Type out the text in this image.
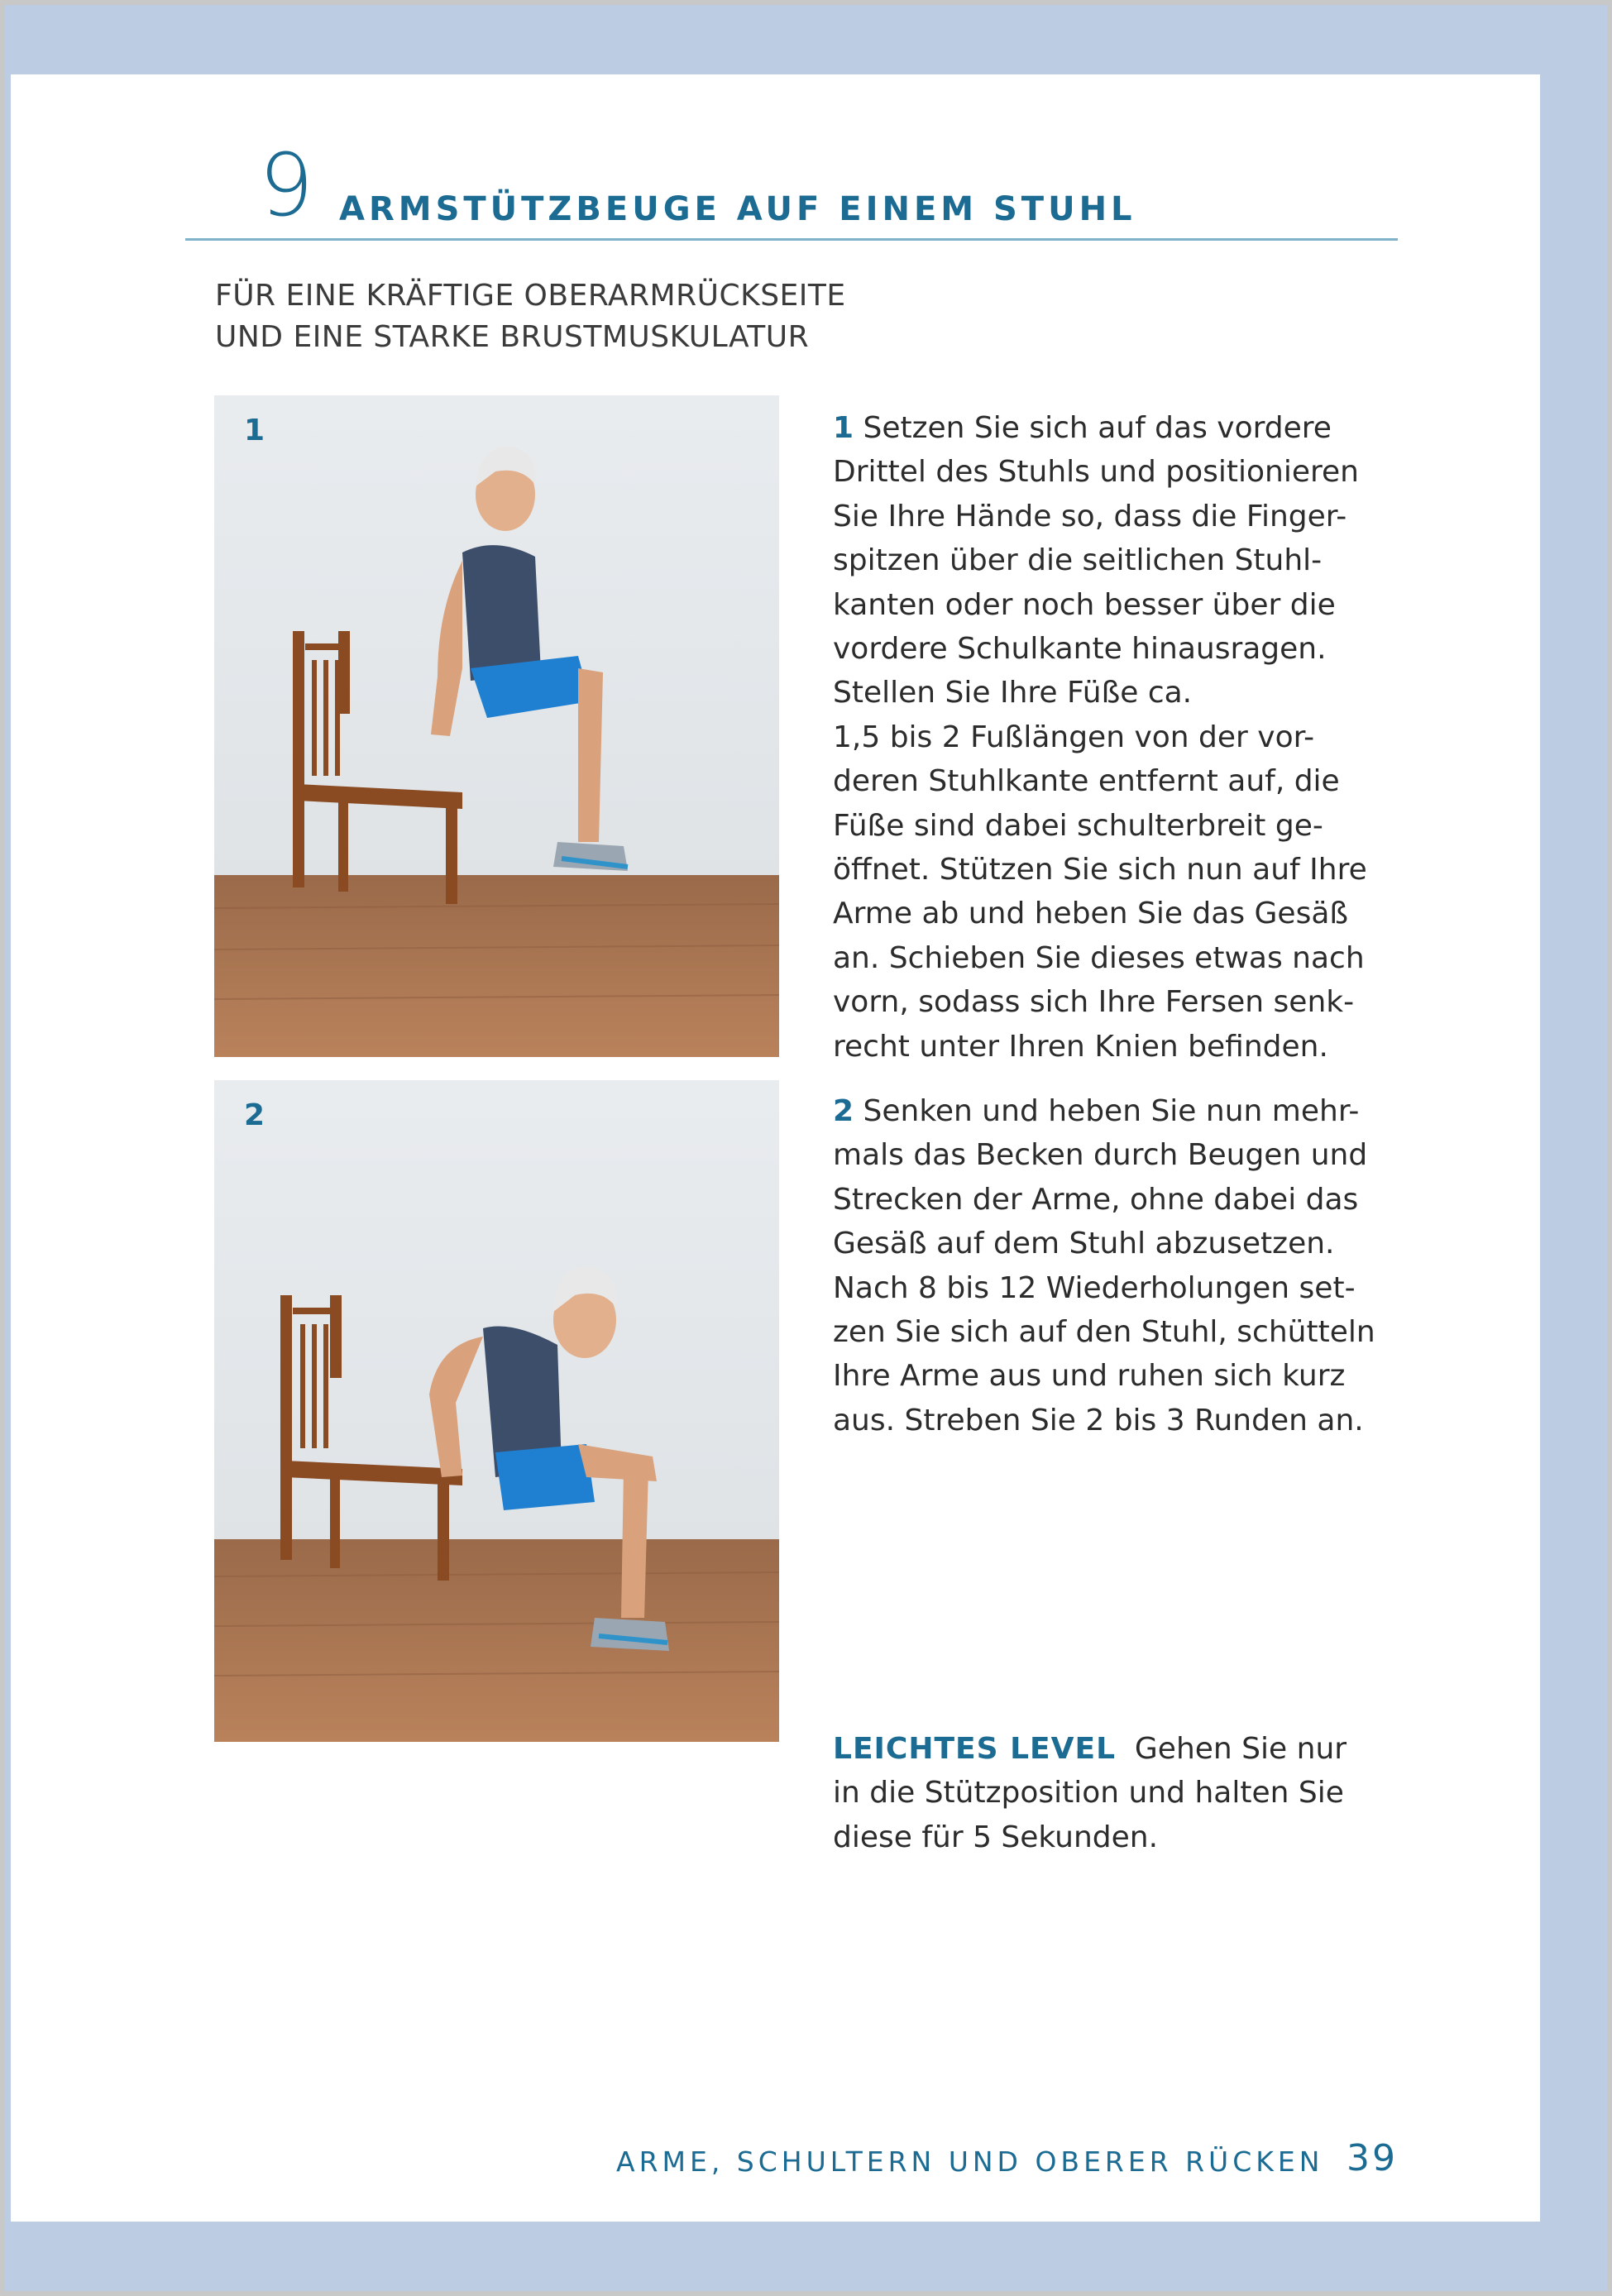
9 ARMSTÜTZBEUGE AUF EINEM STUHL
FÜR EINE KRÄFTIGE OBERARMRÜCKSEITE
UND EINE STARKE BRUSTMUSKULATUR
1
2
1 Setzen Sie sich auf das vordere
Drittel des Stuhls und positionieren
Sie Ihre Hände so, dass die Finger-
spitzen über die seitlichen Stuhl-
kanten oder noch besser über die
vordere Schulkante hinausragen.
Stellen Sie Ihre Füße ca.
1,5 bis 2 Fußlängen von der vor-
deren Stuhlkante entfernt auf, die
Füße sind dabei schulterbreit ge-
öffnet. Stützen Sie sich nun auf Ihre
Arme ab und heben Sie das Gesäß
an. Schieben Sie dieses etwas nach
vorn, sodass sich Ihre Fersen senk-
recht unter Ihren Knien befinden.
2 Senken und heben Sie nun mehr-
mals das Becken durch Beugen und
Strecken der Arme, ohne dabei das
Gesäß auf dem Stuhl abzusetzen.
Nach 8 bis 12 Wiederholungen set-
zen Sie sich auf den Stuhl, schütteln
Ihre Arme aus und ruhen sich kurz
aus. Streben Sie 2 bis 3 Runden an.
LEICHTES LEVEL Gehen Sie nur
in die Stützposition und halten Sie
diese für 5 Sekunden.
ARME, SCHULTERN UND OBERER RÜCKEN 39
